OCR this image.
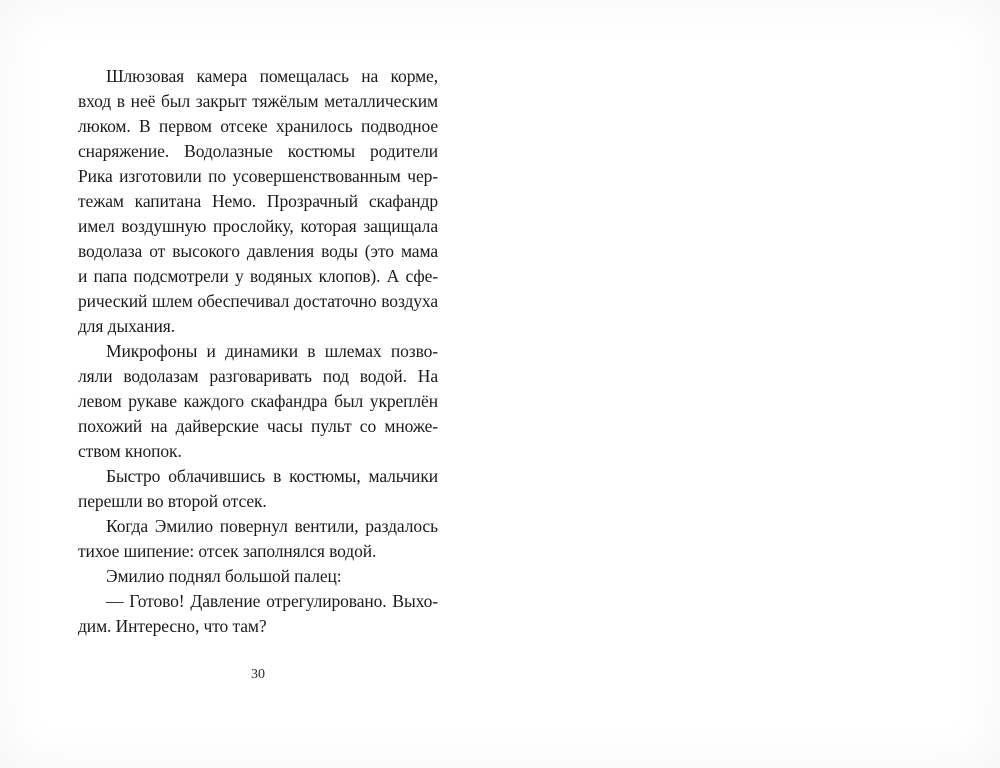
Шлюзовая камера помещалась на корме,
вход в неё был закрыт тяжёлым металлическим
люком. В первом отсеке хранилось подводное
снаряжение. Водолазные костюмы родители
Рика изготовили по усовершенствованным чер-
тежам капитана Немо. Прозрачный скафандр
имел воздушную прослойку, которая защищала
водолаза от высокого давления воды (это мама
и папа подсмотрели у водяных клопов). А сфе-
рический шлем обеспечивал достаточно воздуха
для дыхания.
Микрофоны и динамики в шлемах позво-
ляли водолазам разговаривать под водой. На
левом рукаве каждого скафандра был укреплён
похожий на дайверские часы пульт со множе-
ством кнопок.
Быстро облачившись в костюмы, мальчики
перешли во второй отсек.
Когда Эмилио повернул вентили, раздалось
тихое шипение: отсек заполнялся водой.
Эмилио поднял большой палец:
— Готово! Давление отрегулировано. Выхо-
дим. Интересно, что там?
30
